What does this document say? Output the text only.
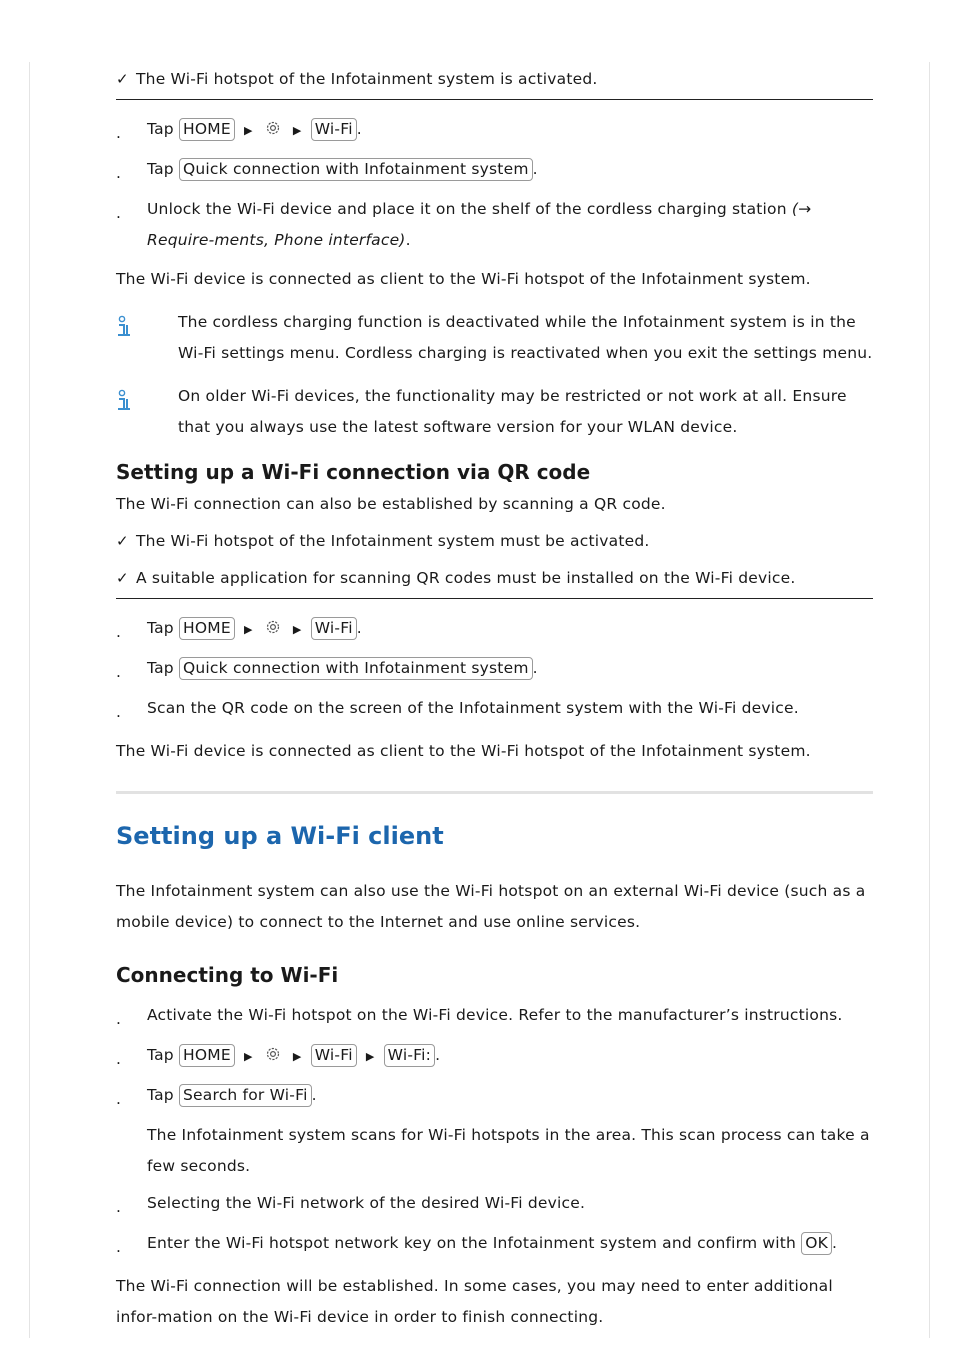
✓ The Wi-Fi hotspot of the Infotainment system is activated.
.	Tap HOME ▶	▶ Wi-Fi .
.	Tap Quick connection with Infotainment system .
.	Unlock the Wi-Fi device and place it on the shelf of the cordless charging station (→ Require-ments, Phone interface).
The Wi-Fi device is connected as client to the Wi-Fi hotspot of the Infotainment system.
The cordless charging function is deactivated while the Infotainment system is in the Wi-Fi settings menu. Cordless charging is reactivated when you exit the settings menu.
On older Wi-Fi devices, the functionality may be restricted or not work at all. Ensure that you always use the latest software version for your WLAN device.
Setting up a Wi-Fi connection via QR code
The Wi-Fi connection can also be established by scanning a QR code.
✓ The Wi-Fi hotspot of the Infotainment system must be activated.
✓ A suitable application for scanning QR codes must be installed on the Wi-Fi device.
.	Tap HOME ▶	▶ Wi-Fi .
.	Tap Quick connection with Infotainment system .
.	Scan the QR code on the screen of the Infotainment system with the Wi-Fi device.
The Wi-Fi device is connected as client to the Wi-Fi hotspot of the Infotainment system.
Setting up a Wi-Fi client
The Infotainment system can also use the Wi-Fi hotspot on an external Wi-Fi device (such as a mobile device) to connect to the Internet and use online services.
Connecting to Wi-Fi
.	Activate the Wi-Fi hotspot on the Wi-Fi device. Refer to the manufacturer’s instructions.
.	Tap HOME ▶	▶ Wi-Fi ▶ Wi-Fi: .
.	Tap Search for Wi-Fi .
The Infotainment system scans for Wi-Fi hotspots in the area. This scan process can take a few seconds.
.	Selecting the Wi-Fi network of the desired Wi-Fi device.
.	Enter the Wi-Fi hotspot network key on the Infotainment system and confirm with OK .
The Wi-Fi connection will be established. In some cases, you may need to enter additional infor-mation on the Wi-Fi device in order to finish connecting.
